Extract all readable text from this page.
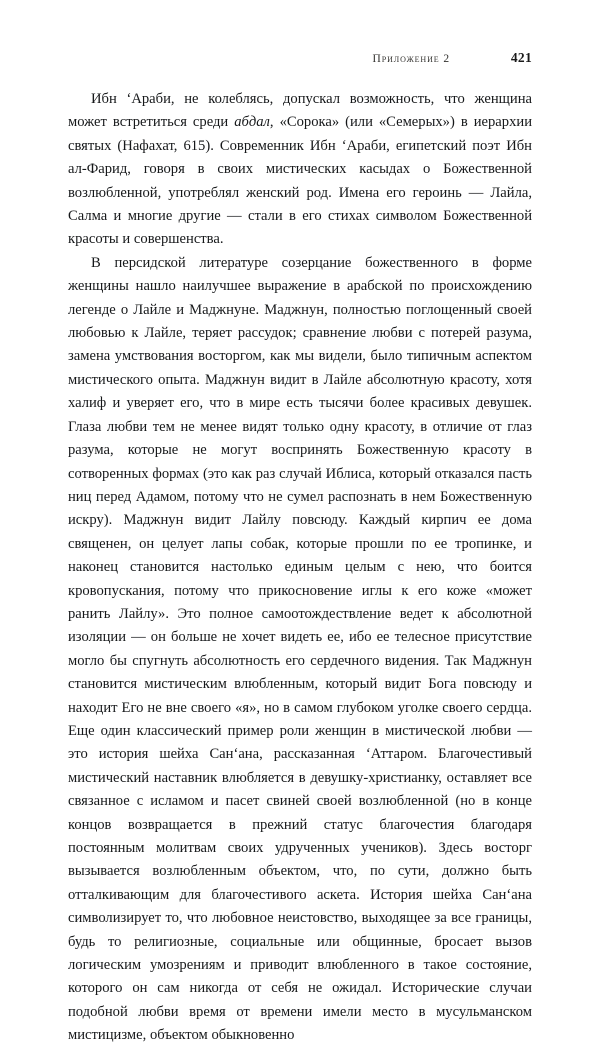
Приложение 2	421

Ибн ʻАраби, не колеблясь, допускал возможность, что женщина может встретиться среди абдал, «Сорока» (или «Семерых») в иерархии святых (Нафахат, 615). Современник Ибн ʻАраби, египетский поэт Ибн ал-Фарид, говоря в своих мистических касыдах о Божественной возлюбленной, употреблял женский род. Имена его героинь — Лайла, Салма и многие другие — стали в его стихах символом Божественной красоты и совершенства.

В персидской литературе созерцание божественного в форме женщины нашло наилучшее выражение в арабской по происхождению легенде о Лайле и Маджнуне. Маджнун, полностью поглощенный своей любовью к Лайле, теряет рассудок; сравнение любви с потерей разума, замена умствования восторгом, как мы видели, было типичным аспектом мистического опыта. Маджнун видит в Лайле абсолютную красоту, хотя халиф и уверяет его, что в мире есть тысячи более красивых девушек. Глаза любви тем не менее видят только одну красоту, в отличие от глаз разума, которые не могут воспринять Божественную красоту в сотворенных формах (это как раз случай Иблиса, который отказался пасть ниц перед Адамом, потому что не сумел распознать в нем Божественную искру). Маджнун видит Лайлу повсюду. Каждый кирпич ее дома священен, он целует лапы собак, которые прошли по ее тропинке, и наконец становится настолько единым целым с нею, что боится кровопускания, потому что прикосновение иглы к его коже «может ранить Лайлу». Это полное самоотождествление ведет к абсолютной изоляции — он больше не хочет видеть ее, ибо ее телесное присутствие могло бы спугнуть абсолютность его сердечного видения. Так Маджнун становится мистическим влюбленным, который видит Бога повсюду и находит Его не вне своего «я», но в самом глубоком уголке своего сердца. Еще один классический пример роли женщин в мистической любви — это история шейха Санʻана, рассказанная ʻАттаром. Благочестивый мистический наставник влюбляется в девушку-христианку, оставляет все связанное с исламом и пасет свиней своей возлюбленной (но в конце концов возвращается в прежний статус благочестия благодаря постоянным молитвам своих удрученных учеников). Здесь восторг вызывается возлюбленным объектом, что, по сути, должно быть отталкивающим для благочестивого аскета. История шейха Санʻана символизирует то, что любовное неистовство, выходящее за все границы, будь то религиозные, социальные или общинные, бросает вызов логическим умозрениям и приводит влюбленного в такое состояние, которого он сам никогда от себя не ожидал. Исторические случаи подобной любви время от времени имели место в мусульманском мистицизме, объектом обыкновенно
